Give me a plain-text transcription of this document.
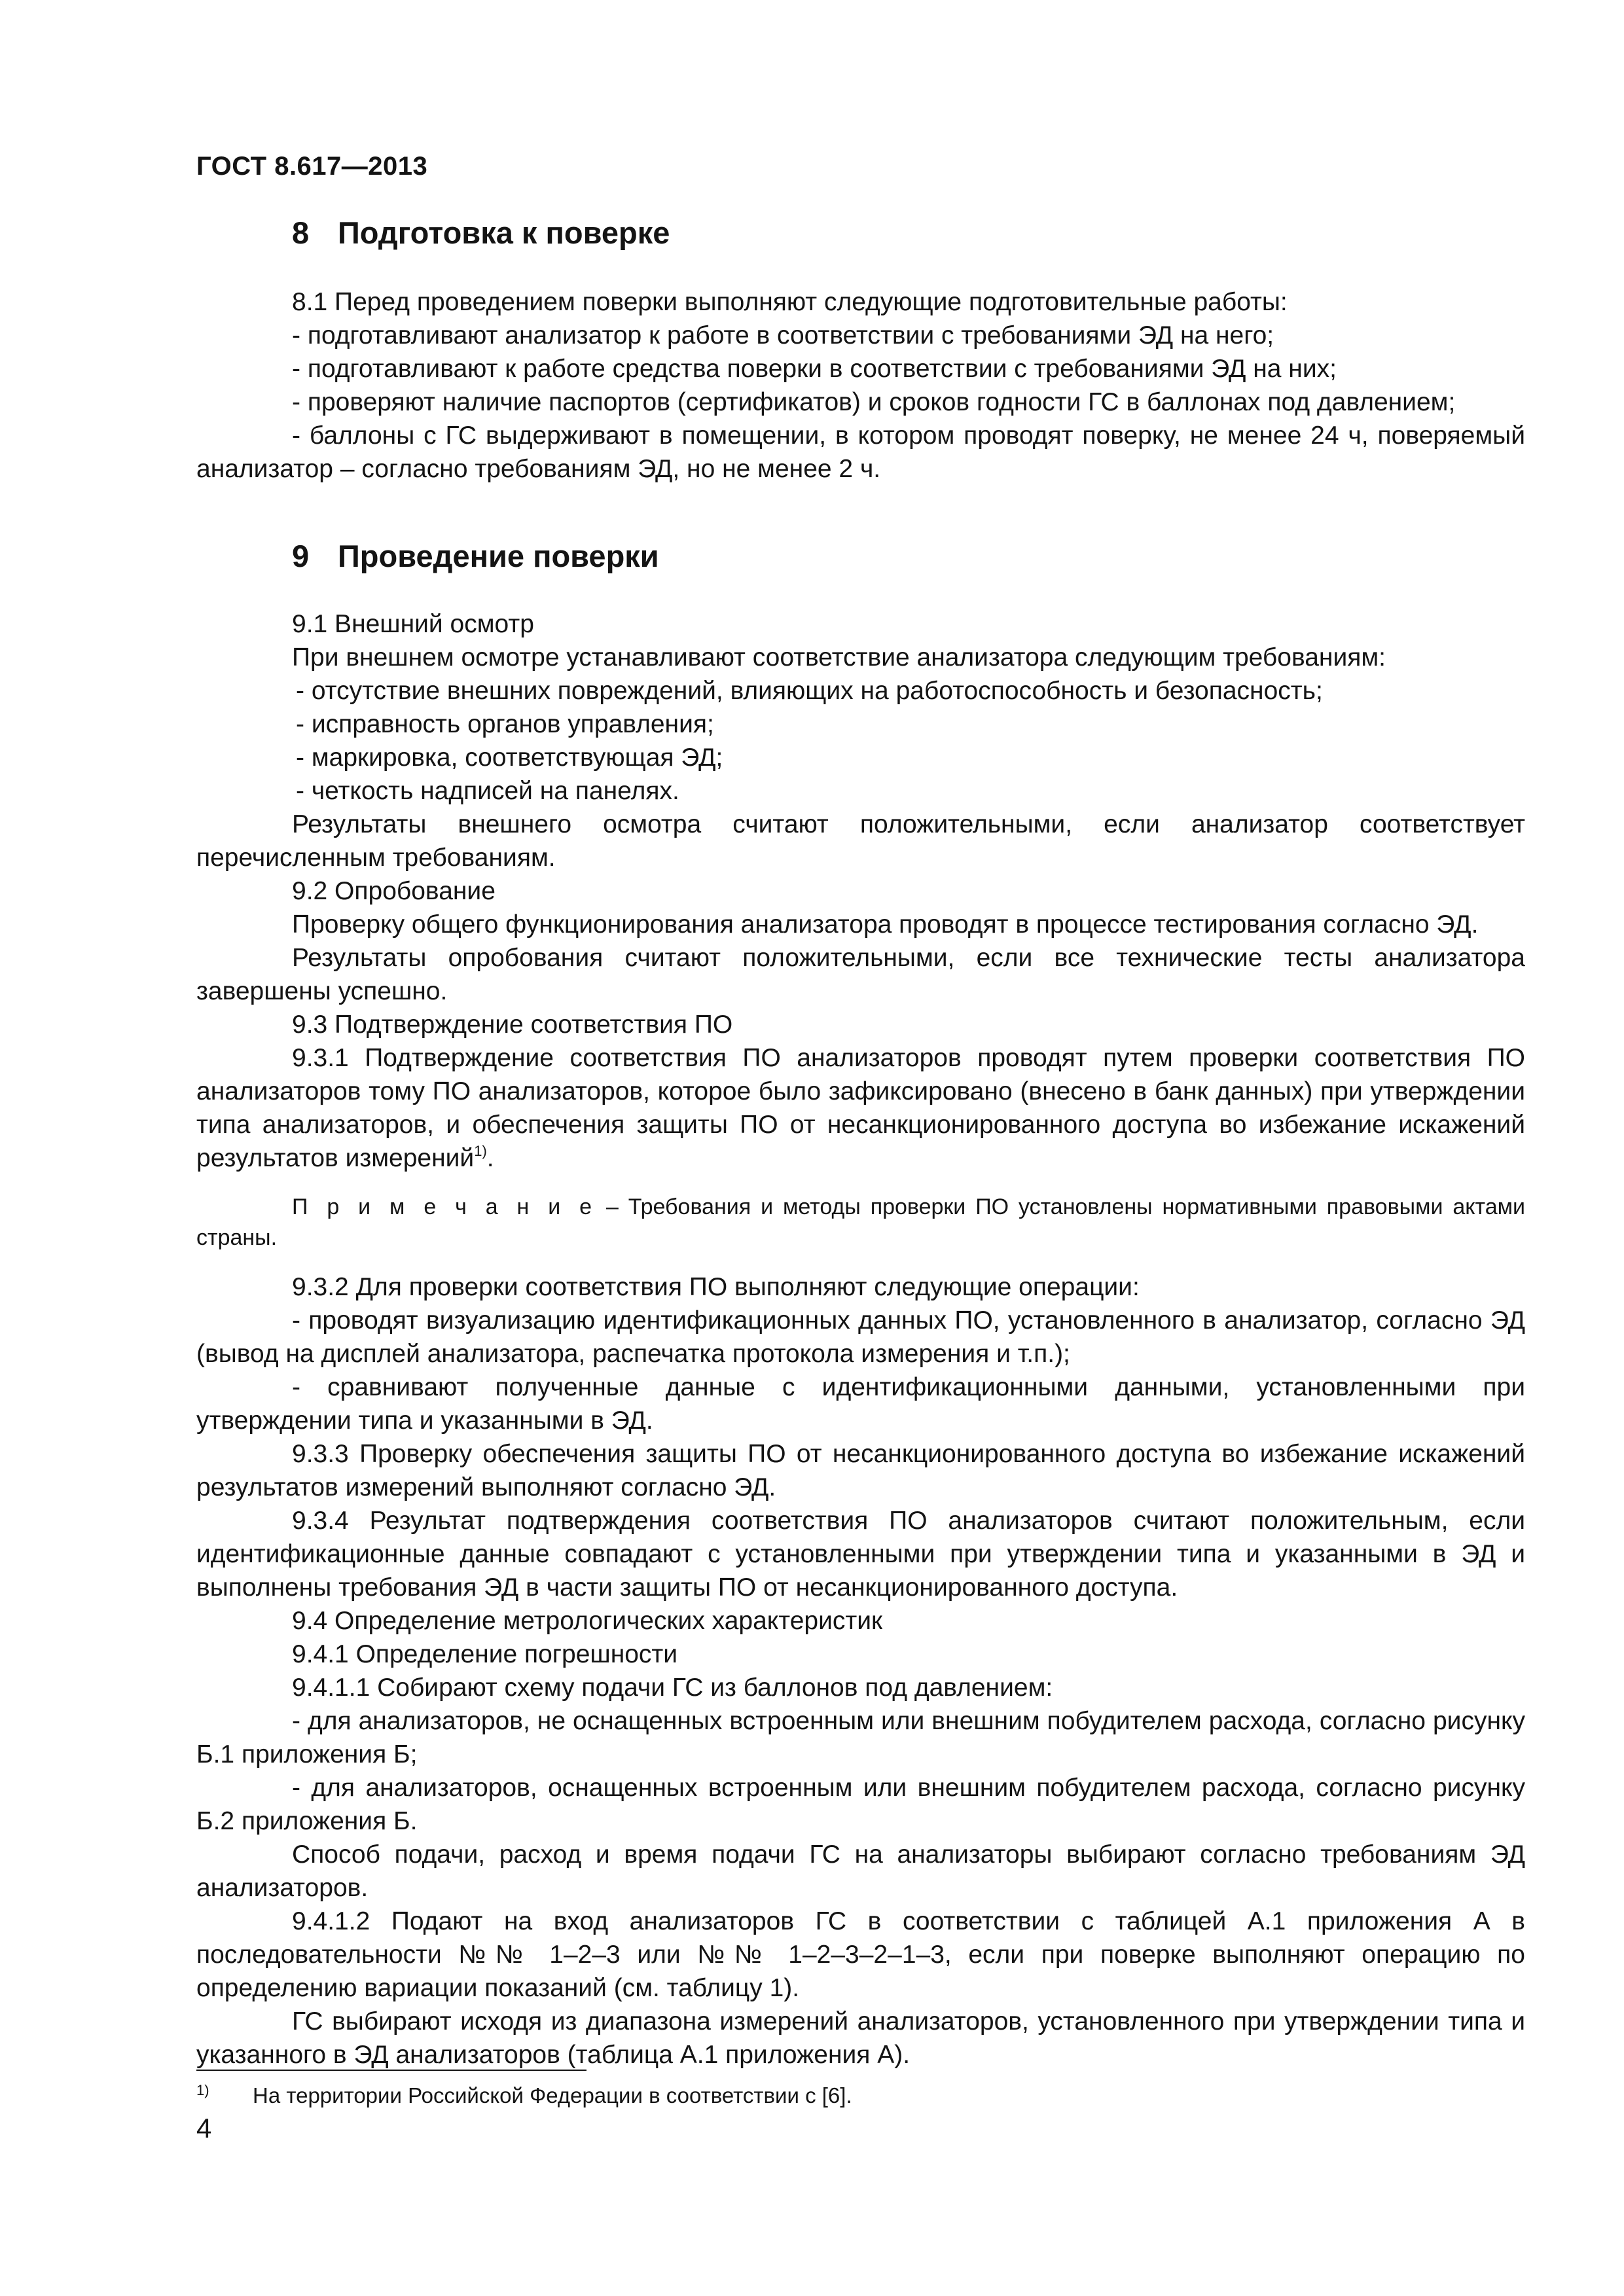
ГОСТ 8.617—2013
8 Подготовка к поверке

8.1 Перед проведением поверки выполняют следующие подготовительные работы:

- подготавливают анализатор к работе в соответствии с требованиями ЭД на него;

- подготавливают к работе средства поверки в соответствии с требованиями ЭД на них;

- проверяют наличие паспортов (сертификатов) и сроков годности ГС в баллонах под давлением;

- баллоны с ГС выдерживают в помещении, в котором проводят поверку, не менее 24 ч, поверяемый анализатор – согласно требованиям ЭД, но не менее 2 ч.

9 Проведение поверки

9.1 Внешний осмотр

При внешнем осмотре устанавливают соответствие анализатора следующим требованиям:

- отсутствие внешних повреждений, влияющих на работоспособность и безопасность;

- исправность органов управления;

- маркировка, соответствующая ЭД;

- четкость надписей на панелях.

Результаты внешнего осмотра считают положительными, если анализатор соответствует перечисленным требованиям.

9.2 Опробование

Проверку общего функционирования анализатора проводят в процессе тестирования согласно ЭД.

Результаты опробования считают положительными, если все технические тесты анализатора завершены успешно.

9.3 Подтверждение соответствия ПО

9.3.1 Подтверждение соответствия ПО анализаторов проводят путем проверки соответствия ПО анализаторов тому ПО анализаторов, которое было зафиксировано (внесено в банк данных) при утверждении типа анализаторов, и обеспечения защиты ПО от несанкционированного доступа во избежание искажений результатов измерений$^{1)}$.

П р и м е ч а н и е – Требования и методы проверки ПО установлены нормативными правовыми актами страны.

9.3.2 Для проверки соответствия ПО выполняют следующие операции:

- проводят визуализацию идентификационных данных ПО, установленного в анализатор, согласно ЭД (вывод на дисплей анализатора, распечатка протокола измерения и т.п.);

- сравнивают полученные данные с идентификационными данными, установленными при утверждении типа и указанными в ЭД.

9.3.3 Проверку обеспечения защиты ПО от несанкционированного доступа во избежание искажений результатов измерений выполняют согласно ЭД.

9.3.4 Результат подтверждения соответствия ПО анализаторов считают положительным, если идентификационные данные совпадают с установленными при утверждении типа и указанными в ЭД и выполнены требования ЭД в части защиты ПО от несанкционированного доступа.

9.4 Определение метрологических характеристик

9.4.1 Определение погрешности

9.4.1.1 Собирают схему подачи ГС из баллонов под давлением:

- для анализаторов, не оснащенных встроенным или внешним побудителем расхода, согласно рисунку Б.1 приложения Б;

- для анализаторов, оснащенных встроенным или внешним побудителем расхода, согласно рисунку Б.2 приложения Б.

Способ подачи, расход и время подачи ГС на анализаторы выбирают согласно требованиям ЭД анализаторов.

9.4.1.2 Подают на вход анализаторов ГС в соответствии с таблицей А.1 приложения А в последовательности №№ 1–2–3 или №№ 1–2–3–2–1–3, если при поверке выполняют операцию по определению вариации показаний (см. таблицу 1).

ГС выбирают исходя из диапазона измерений анализаторов, установленного при утверждении типа и указанного в ЭД анализаторов (таблица А.1 приложения А).

$^{1)}$ На территории Российской Федерации в соответствии с [6].
4
